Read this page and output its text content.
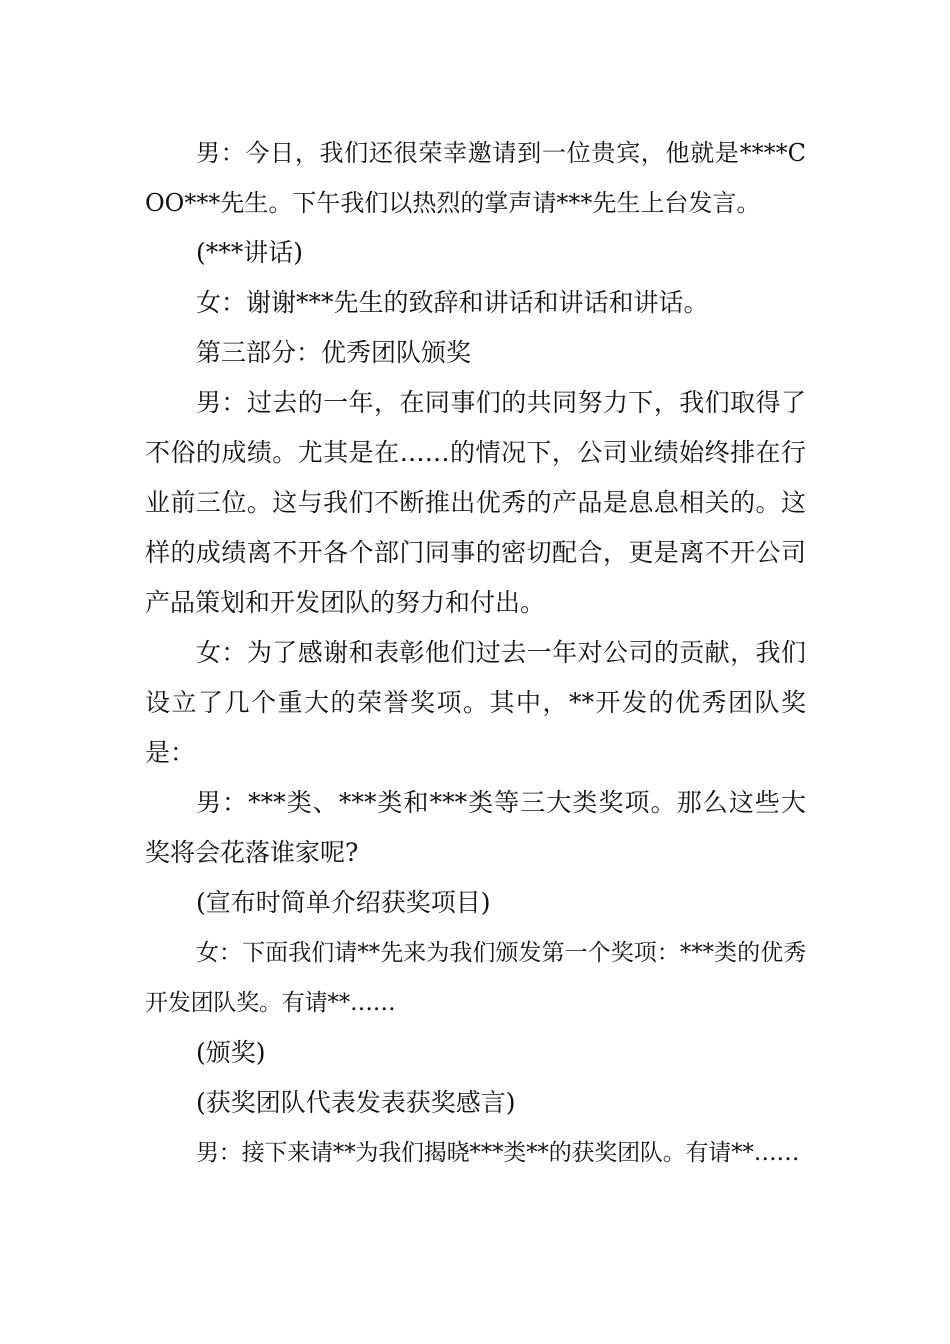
男：今日，我们还很荣幸邀请到一位贵宾，他就是****COO***先生。下午我们以热烈的掌声请***先生上台发言。

(***讲话)

女：谢谢***先生的致辞和讲话和讲话和讲话。

第三部分：优秀团队颁奖

男：过去的一年，在同事们的共同努力下，我们取得了不俗的成绩。尤其是在……的情况下，公司业绩始终排在行业前三位。这与我们不断推出优秀的产品是息息相关的。这样的成绩离不开各个部门同事的密切配合，更是离不开公司产品策划和开发团队的努力和付出。

女：为了感谢和表彰他们过去一年对公司的贡献，我们设立了几个重大的荣誉奖项。其中，**开发的优秀团队奖是：

男：***类、***类和***类等三大类奖项。那么这些大奖将会花落谁家呢?

(宣布时简单介绍获奖项目)

女：下面我们请**先来为我们颁发第一个奖项：***类的优秀开发团队奖。有请**……

(颁奖)

(获奖团队代表发表获奖感言)

男：接下来请**为我们揭晓***类**的获奖团队。有请**……
